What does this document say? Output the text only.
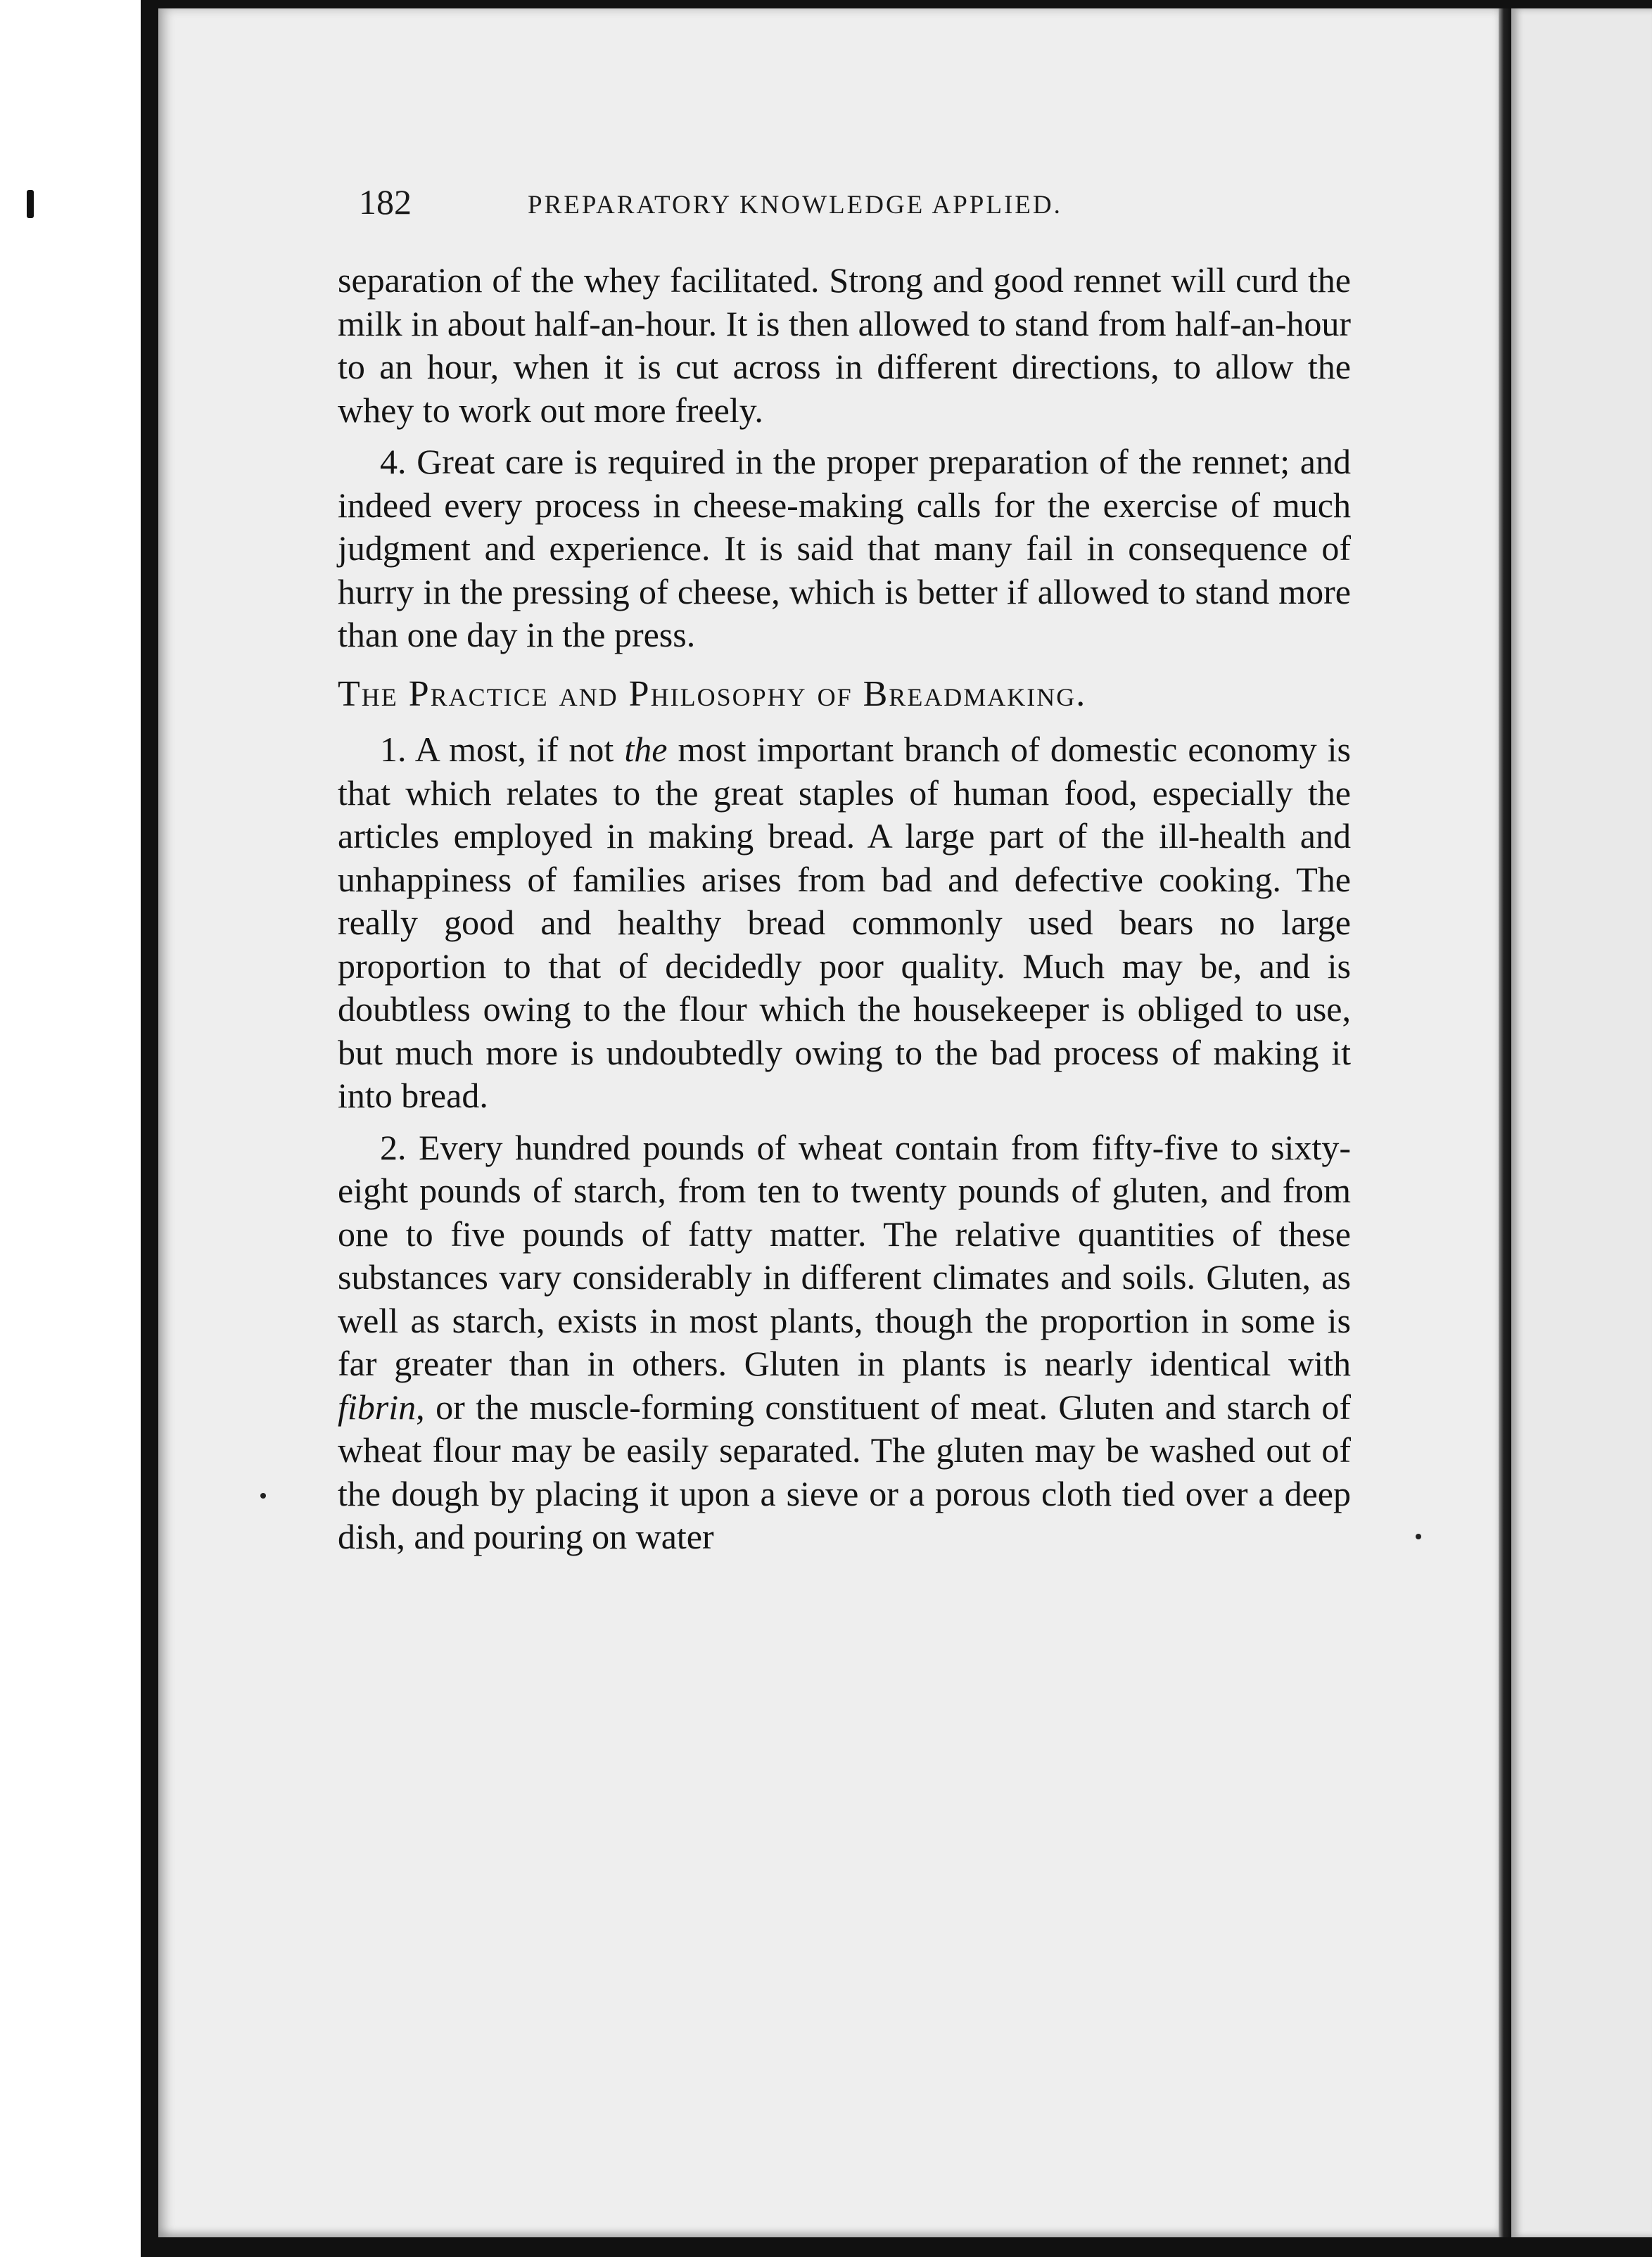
182	PREPARATORY KNOWLEDGE APPLIED.

separation of the whey facilitated. Strong and good rennet will curd the milk in about half-an-hour. It is then allowed to stand from half-an-hour to an hour, when it is cut across in different directions, to allow the whey to work out more freely.

4. Great care is required in the proper preparation of the rennet; and indeed every process in cheese-making calls for the exercise of much judgment and experience. It is said that many fail in consequence of hurry in the pressing of cheese, which is better if allowed to stand more than one day in the press.

The Practice and Philosophy of Breadmaking.

1. A most, if not the most important branch of domestic economy is that which relates to the great staples of human food, especially the articles employed in making bread. A large part of the ill-health and unhappiness of families arises from bad and defective cooking. The really good and healthy bread commonly used bears no large proportion to that of decidedly poor quality. Much may be, and is doubtless owing to the flour which the housekeeper is obliged to use, but much more is undoubtedly owing to the bad process of making it into bread.

2. Every hundred pounds of wheat contain from fifty-five to sixty-eight pounds of starch, from ten to twenty pounds of gluten, and from one to five pounds of fatty matter. The relative quantities of these substances vary considerably in different climates and soils. Gluten, as well as starch, exists in most plants, though the proportion in some is far greater than in others. Gluten in plants is nearly identical with fibrin, or the muscle-forming constituent of meat. Gluten and starch of wheat flour may be easily separated. The gluten may be washed out of the dough by placing it upon a sieve or a porous cloth tied over a deep dish, and pouring on water
